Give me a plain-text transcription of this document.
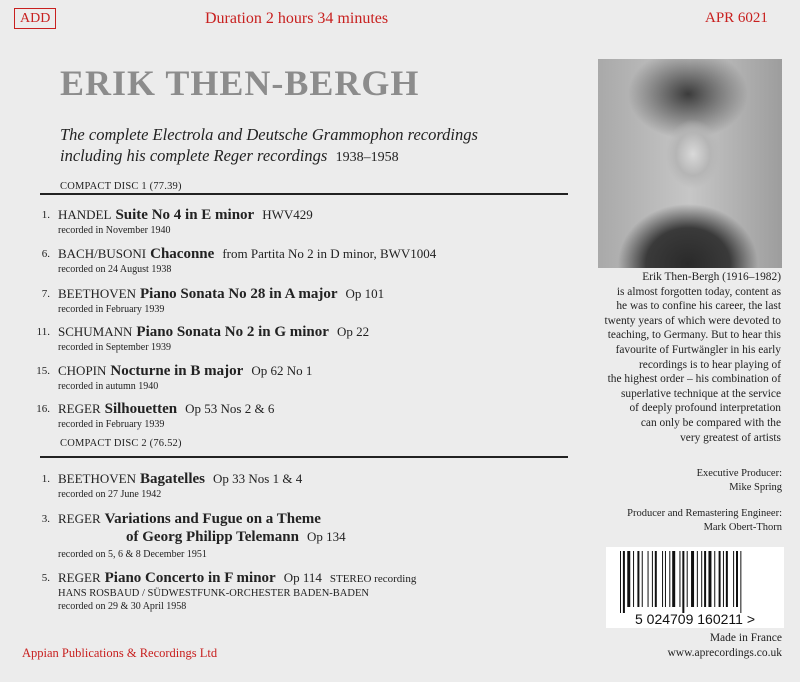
ADD	Duration 2 hours 34 minutes	APR 6021
ERIK THEN-BERGH
The complete Electrola and Deutsche Grammophon recordings
including his complete Reger recordings 1938–1958
COMPACT DISC 1 (77.39)
1. HANDEL Suite No 4 in E minor HWV429
recorded in November 1940
6. BACH/BUSONI Chaconne from Partita No 2 in D minor, BWV1004
recorded on 24 August 1938
7. BEETHOVEN Piano Sonata No 28 in A major Op 101
recorded in February 1939
11. SCHUMANN Piano Sonata No 2 in G minor Op 22
recorded in September 1939
15. CHOPIN Nocturne in B major Op 62 No 1
recorded in autumn 1940
16. REGER Silhouetten Op 53 Nos 2 & 6
recorded in February 1939
COMPACT DISC 2 (76.52)
1. BEETHOVEN Bagatelles Op 33 Nos 1 & 4
recorded on 27 June 1942
3. REGER Variations and Fugue on a Theme
of Georg Philipp Telemann Op 134
recorded on 5, 6 & 8 December 1951
5. REGER Piano Concerto in F minor Op 114 STEREO recording
HANS ROSBAUD / SÜDWESTFUNK-ORCHESTER BADEN-BADEN
recorded on 29 & 30 April 1958
Erik Then-Bergh (1916–1982)
is almost forgotten today, content as
he was to confine his career, the last
twenty years of which were devoted to
teaching, to Germany. But to hear this
favourite of Furtwängler in his early
recordings is to hear playing of
the highest order – his combination of
superlative technique at the service
of deeply profound interpretation
can only be compared with the
very greatest of artists
Executive Producer:
Mike Spring
Producer and Remastering Engineer:
Mark Obert-Thorn
5 024709 160211 >
Appian Publications & Recordings Ltd
Made in France
www.aprecordings.co.uk
